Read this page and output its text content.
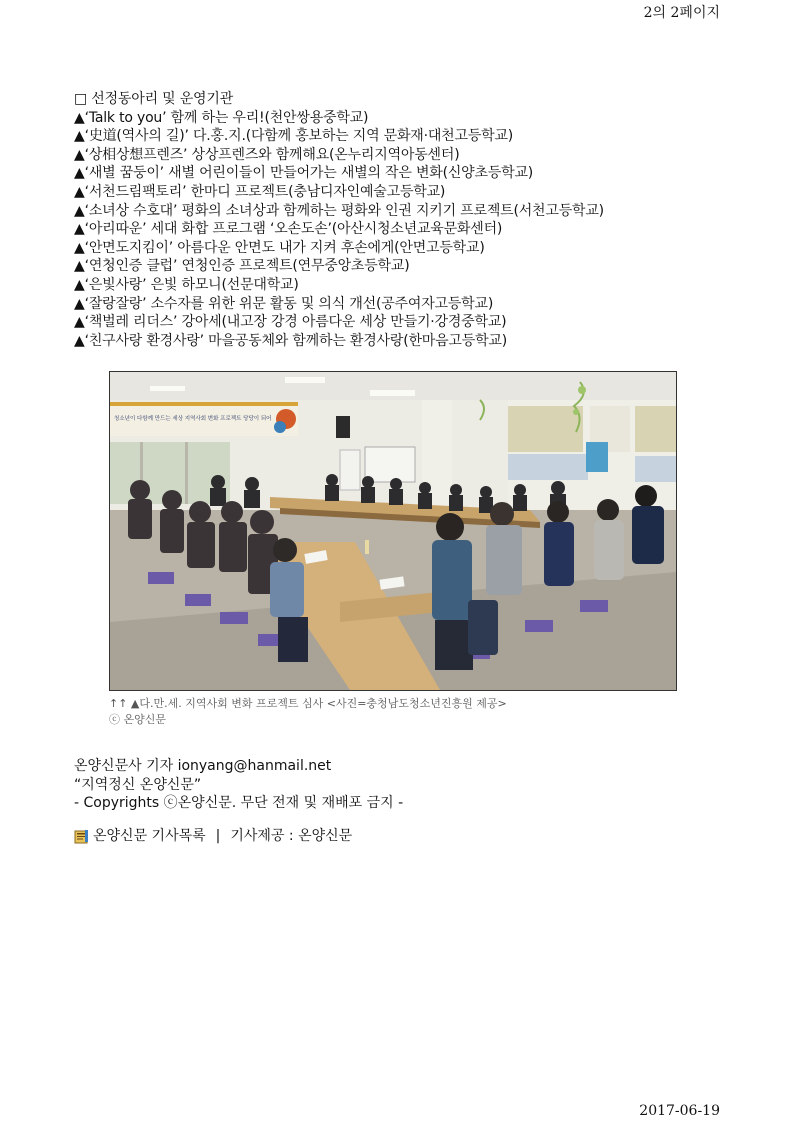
2의 2페이지
□ 선정동아리 및 운영기관
▲‘Talk to you’ 함께 하는 우리!(천안쌍용중학교)
▲‘史道(역사의 길)’ 다.홍.지.(다함께 홍보하는 지역 문화재·대천고등학교)
▲‘상相상想프렌즈’ 상상프렌즈와 함께해요(온누리지역아동센터)
▲‘새별 꿈둥이’ 새별 어린이들이 만들어가는 새별의 작은 변화(신양초등학교)
▲‘서천드림팩토리’ 한마디 프로젝트(충남디자인예술고등학교)
▲‘소녀상 수호대’ 평화의 소녀상과 함께하는 평화와 인권 지키기 프로젝트(서천고등학교)
▲‘아리따운’ 세대 화합 프로그램 ‘오손도손’(아산시청소년교육문화센터)
▲‘안면도지킴이’ 아름다운 안면도 내가 지켜 후손에게(안면고등학교)
▲‘연청인증 클럽’ 연청인증 프로젝트(연무중앙초등학교)
▲‘은빛사랑’ 은빛 하모니(선문대학교)
▲‘잘랑잘랑’ 소수자를 위한 위문 활동 및 의식 개선(공주여자고등학교)
▲‘책벌레 리더스’ 강아세(내고장 강경 아름다운 세상 만들기·강경중학교)
▲‘친구사랑 환경사랑’ 마을공동체와 함께하는 환경사랑(한마음고등학교)
청소년이 다함께 만드는 세상 지역사회 변화 프로젝트 당당이 되어
↑↑ ▲다.만.세. 지역사회 변화 프로젝트 심사 <사진=충청남도청소년진흥원 제공>
ⓒ 온양신문
온양신문사 기자 ionyang@hanmail.net
“지역정신 온양신문”
- Copyrights ⓒ온양신문. 무단 전재 및 재배포 금지 -
온양신문 기사목록 | 기사제공 : 온양신문
2017-06-19
